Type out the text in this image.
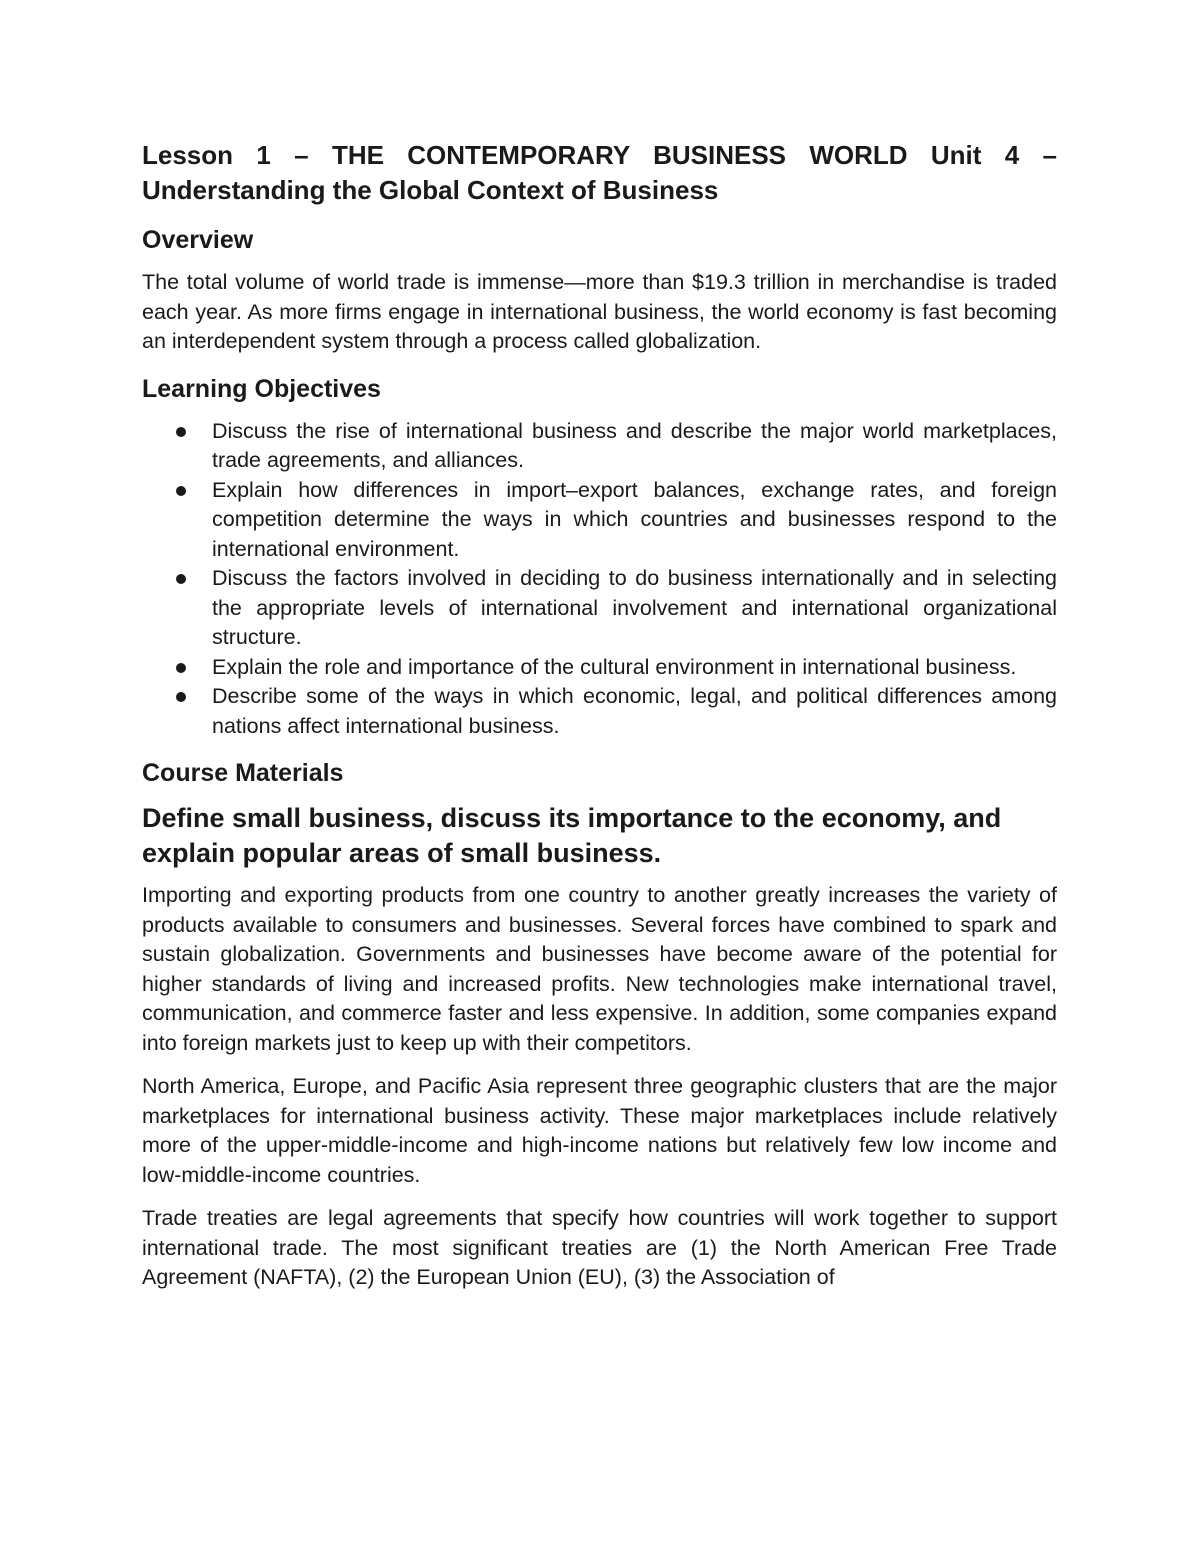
Lesson 1 – THE CONTEMPORARY BUSINESS WORLD Unit 4 – Understanding the Global Context of Business
Overview

The total volume of world trade is immense—more than $19.3 trillion in merchandise is traded each year. As more firms engage in international business, the world economy is fast becoming an interdependent system through a process called globalization.

Learning Objectives
Discuss the rise of international business and describe the major world marketplaces, trade agreements, and alliances.
Explain how differences in import–export balances, exchange rates, and foreign competition determine the ways in which countries and businesses respond to the international environment.
Discuss the factors involved in deciding to do business internationally and in selecting the appropriate levels of international involvement and international organizational structure.
Explain the role and importance of the cultural environment in international business.
Describe some of the ways in which economic, legal, and political differences among nations affect international business.
Course Materials
Define small business, discuss its importance to the economy, and explain popular areas of small business.

Importing and exporting products from one country to another greatly increases the variety of products available to consumers and businesses. Several forces have combined to spark and sustain globalization. Governments and businesses have become aware of the potential for higher standards of living and increased profits. New technologies make international travel, communication, and commerce faster and less expensive. In addition, some companies expand into foreign markets just to keep up with their competitors.

North America, Europe, and Pacific Asia represent three geographic clusters that are the major marketplaces for international business activity. These major marketplaces include relatively more of the upper-middle-income and high-income nations but relatively few low income and low-middle-income countries.

Trade treaties are legal agreements that specify how countries will work together to support international trade. The most significant treaties are (1) the North American Free Trade Agreement (NAFTA), (2) the European Union (EU), (3) the Association of
